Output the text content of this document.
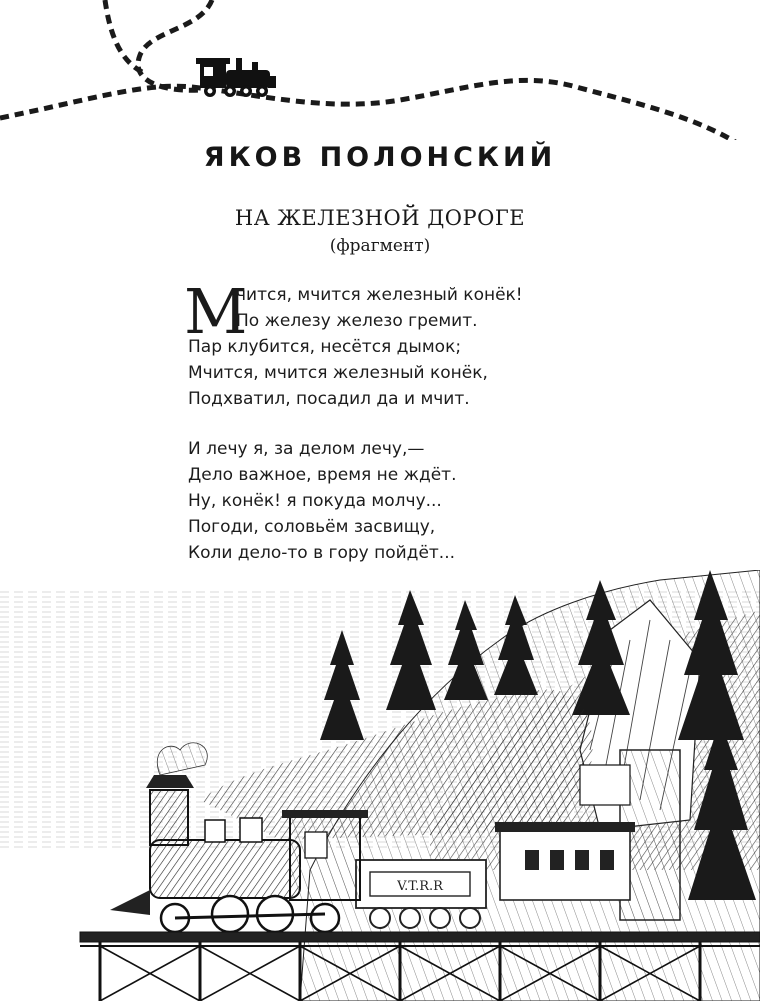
ЯКОВ ПОЛОНСКИЙ
НА ЖЕЛЕЗНОЙ ДОРОГЕ
(фрагмент)
М
чится, мчится железный конёк!
По железу железо гремит.
Пар клубится, несётся дымок;
Мчится, мчится железный конёк,
Подхватил, посадил да и мчит.
И лечу я, за делом лечу,—
Дело важное, время не ждёт.
Ну, конёк! я покуда молчу...
Погоди, соловьём засвищу,
Коли дело-то в гору пойдёт...
V.T.R.R
